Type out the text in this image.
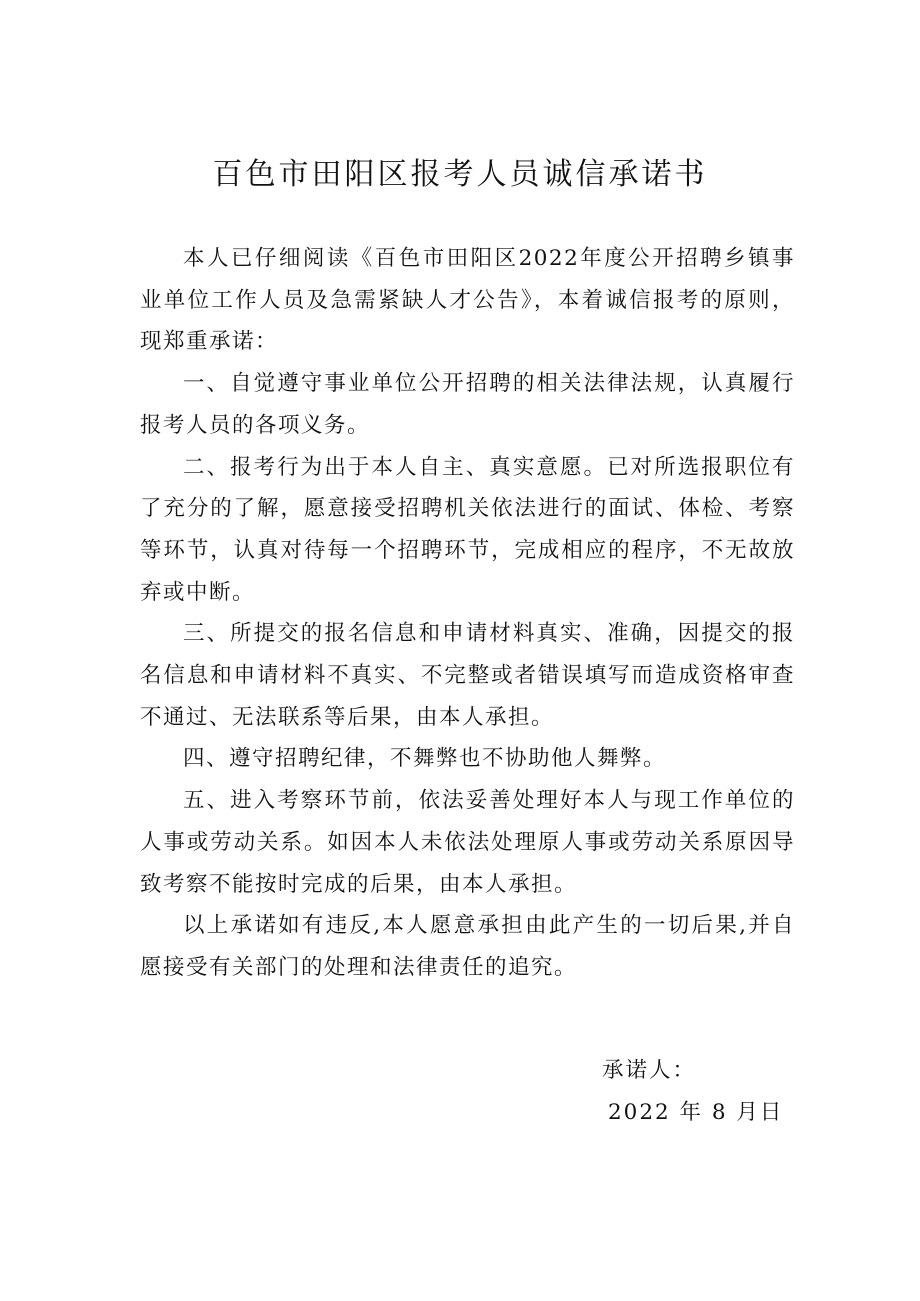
百色市田阳区报考人员诚信承诺书

本人已仔细阅读《百色市田阳区2022年度公开招聘乡镇事业单位工作人员及急需紧缺人才公告》，本着诚信报考的原则，现郑重承诺：

一、自觉遵守事业单位公开招聘的相关法律法规，认真履行报考人员的各项义务。

二、报考行为出于本人自主、真实意愿。已对所选报职位有了充分的了解，愿意接受招聘机关依法进行的面试、体检、考察等环节，认真对待每一个招聘环节，完成相应的程序，不无故放弃或中断。

三、所提交的报名信息和申请材料真实、准确，因提交的报名信息和申请材料不真实、不完整或者错误填写而造成资格审查不通过、无法联系等后果，由本人承担。

四、遵守招聘纪律，不舞弊也不协助他人舞弊。

五、进入考察环节前，依法妥善处理好本人与现工作单位的人事或劳动关系。如因本人未依法处理原人事或劳动关系原因导致考察不能按时完成的后果，由本人承担。

以上承诺如有违反,本人愿意承担由此产生的一切后果,并自愿接受有关部门的处理和法律责任的追究。

承诺人：
2022 年 8 月日
